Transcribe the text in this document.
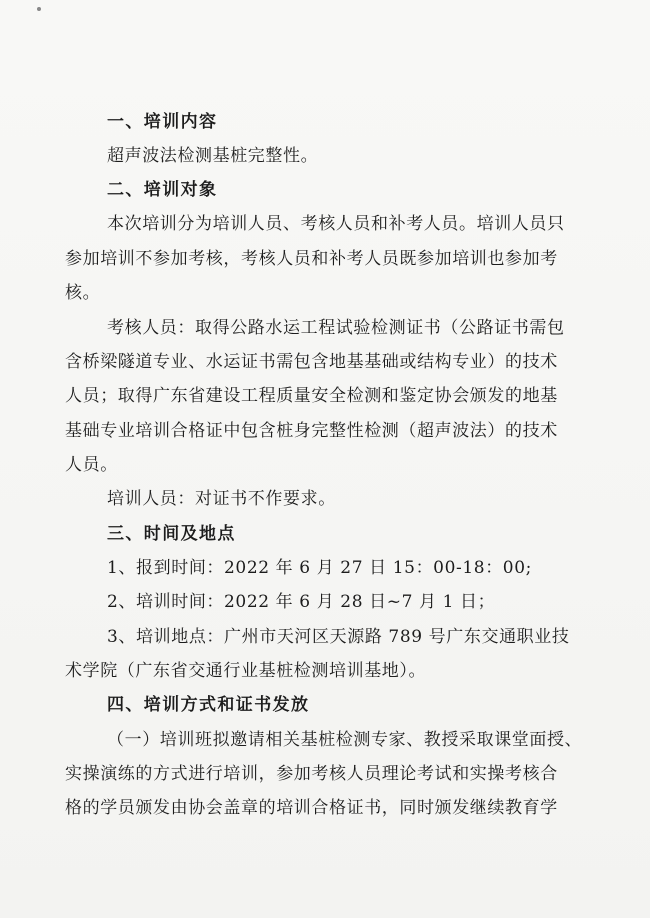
一、培训内容
超声波法检测基桩完整性。
二、培训对象
本次培训分为培训人员、考核人员和补考人员。培训人员只
参加培训不参加考核，考核人员和补考人员既参加培训也参加考
核。
考核人员：取得公路水运工程试验检测证书（公路证书需包
含桥梁隧道专业、水运证书需包含地基基础或结构专业）的技术
人员；取得广东省建设工程质量安全检测和鉴定协会颁发的地基
基础专业培训合格证中包含桩身完整性检测（超声波法）的技术
人员。
培训人员：对证书不作要求。
三、时间及地点
1、报到时间：2022 年 6 月 27 日 15：00-18：00;
2、培训时间：2022 年 6 月 28 日~7 月 1 日；
3、培训地点：广州市天河区天源路 789 号广东交通职业技
术学院（广东省交通行业基桩检测培训基地）。
四、培训方式和证书发放
（一）培训班拟邀请相关基桩检测专家、教授采取课堂面授、
实操演练的方式进行培训，参加考核人员理论考试和实操考核合
格的学员颁发由协会盖章的培训合格证书，同时颁发继续教育学
